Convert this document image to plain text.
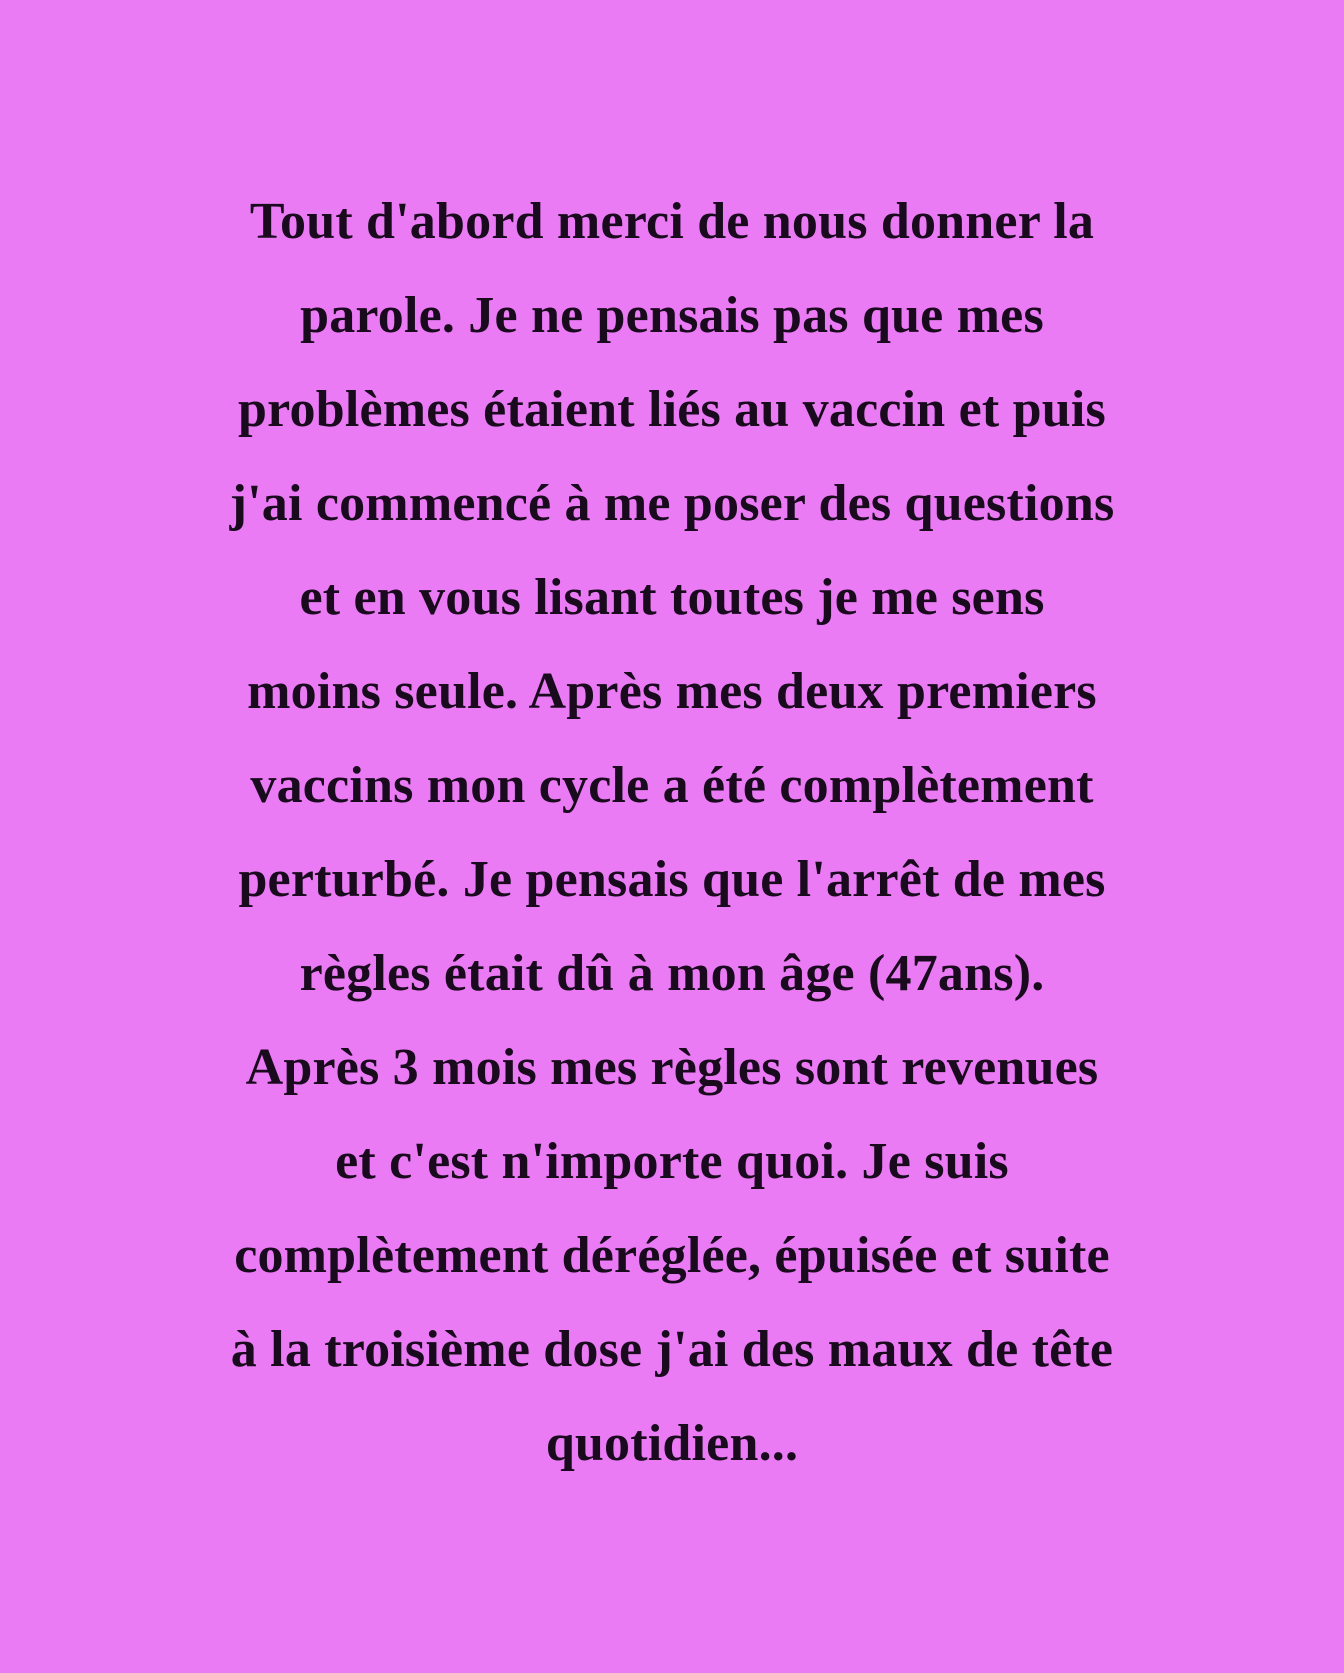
Tout d'abord merci de nous donner la
parole. Je ne pensais pas que mes
problèmes étaient liés au vaccin et puis
j'ai commencé à me poser des questions
et en vous lisant toutes je me sens
moins seule. Après mes deux premiers
vaccins mon cycle a été complètement
perturbé. Je pensais que l'arrêt de mes
règles était dû à mon âge (47ans).
Après 3 mois mes règles sont revenues
et c'est n'importe quoi. Je suis
complètement déréglée, épuisée et suite
à la troisième dose j'ai des maux de tête
quotidien...
